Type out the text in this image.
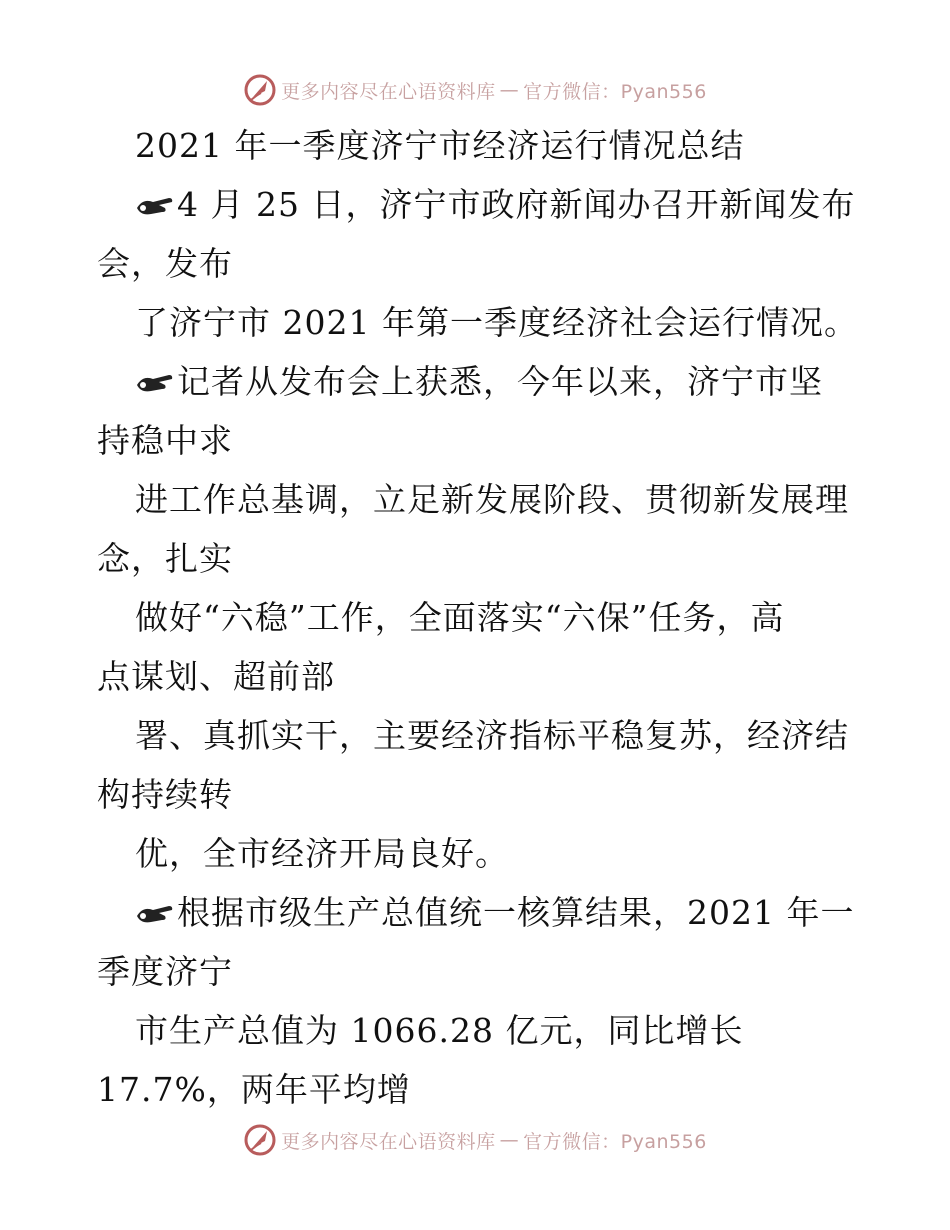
更多内容尽在心语资料库 — 官方微信：Pyan556
2021 年一季度济宁市经济运行情况总结
4 月 25 日，济宁市政府新闻办召开新闻发布
会，发布
了济宁市 2021 年第一季度经济社会运行情况。
记者从发布会上获悉，今年以来，济宁市坚
持稳中求
进工作总基调，立足新发展阶段、贯彻新发展理
念，扎实
做好“六稳”工作，全面落实“六保”任务，高
点谋划、超前部
署、真抓实干，主要经济指标平稳复苏，经济结
构持续转
优，全市经济开局良好。
根据市级生产总值统一核算结果，2021 年一
季度济宁
市生产总值为 1066.28 亿元，同比增长
17.7%，两年平均增
更多内容尽在心语资料库 — 官方微信：Pyan556
